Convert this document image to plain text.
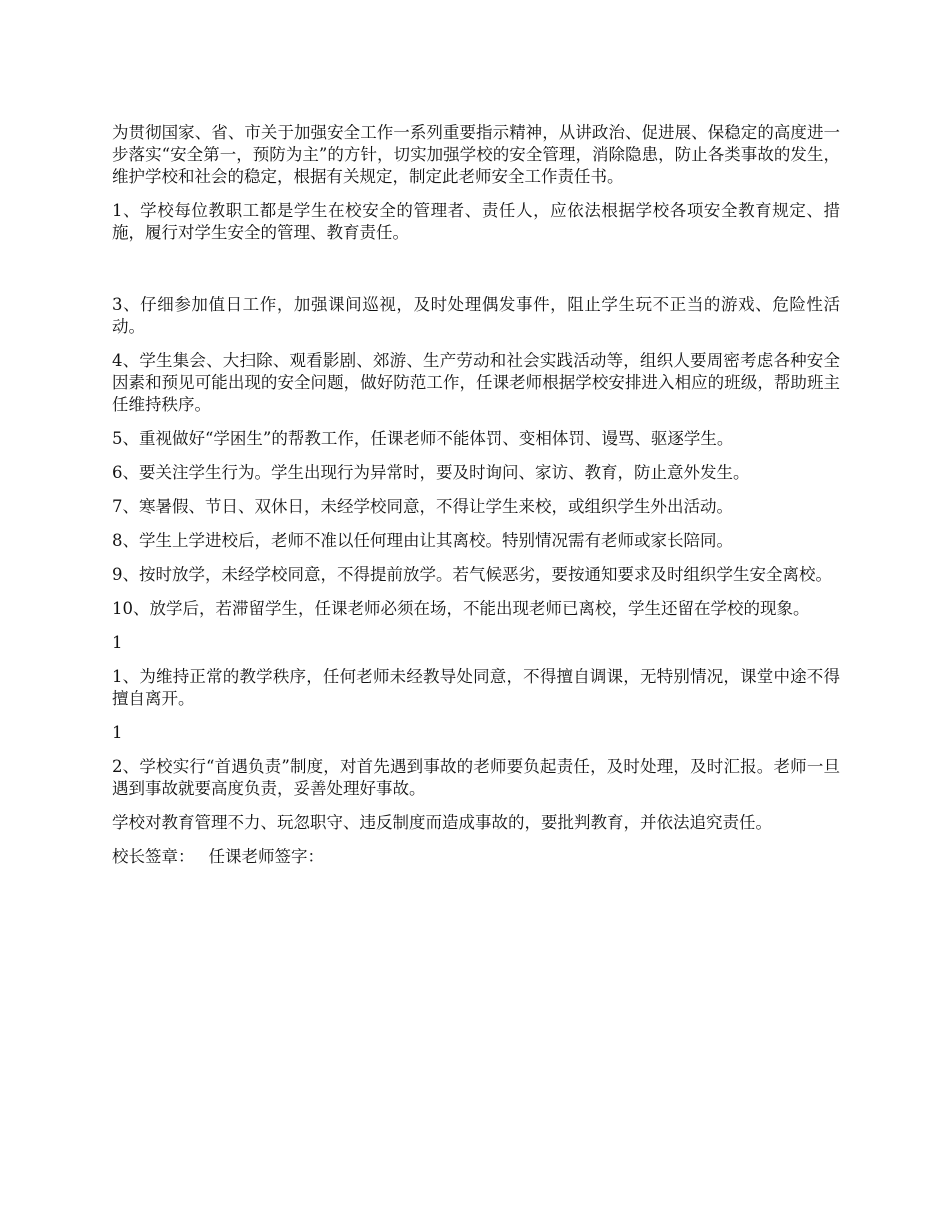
为贯彻国家、省、市关于加强安全工作一系列重要指示精神，从讲政治、促进展、保稳定的高度进一步落实“安全第一，预防为主”的方针，切实加强学校的安全管理，消除隐患，防止各类事故的发生，维护学校和社会的稳定，根据有关规定，制定此老师安全工作责任书。

1、学校每位教职工都是学生在校安全的管理者、责任人，应依法根据学校各项安全教育规定、措施，履行对学生安全的管理、教育责任。

3、仔细参加值日工作，加强课间巡视，及时处理偶发事件，阻止学生玩不正当的游戏、危险性活动。

4、学生集会、大扫除、观看影剧、郊游、生产劳动和社会实践活动等，组织人要周密考虑各种安全因素和预见可能出现的安全问题，做好防范工作，任课老师根据学校安排进入相应的班级，帮助班主任维持秩序。

5、重视做好“学困生”的帮教工作，任课老师不能体罚、变相体罚、谩骂、驱逐学生。

6、要关注学生行为。学生出现行为异常时，要及时询问、家访、教育，防止意外发生。

7、寒暑假、节日、双休日，未经学校同意，不得让学生来校，或组织学生外出活动。

8、学生上学进校后，老师不准以任何理由让其离校。特别情况需有老师或家长陪同。

9、按时放学，未经学校同意，不得提前放学。若气候恶劣，要按通知要求及时组织学生安全离校。

10、放学后，若滞留学生，任课老师必须在场，不能出现老师已离校，学生还留在学校的现象。

1

1、为维持正常的教学秩序，任何老师未经教导处同意，不得擅自调课，无特别情况，课堂中途不得擅自离开。

1

2、学校实行“首遇负责”制度，对首先遇到事故的老师要负起责任，及时处理，及时汇报。老师一旦遇到事故就要高度负责，妥善处理好事故。

学校对教育管理不力、玩忽职守、违反制度而造成事故的，要批判教育，并依法追究责任。

校长签章： 任课老师签字：
